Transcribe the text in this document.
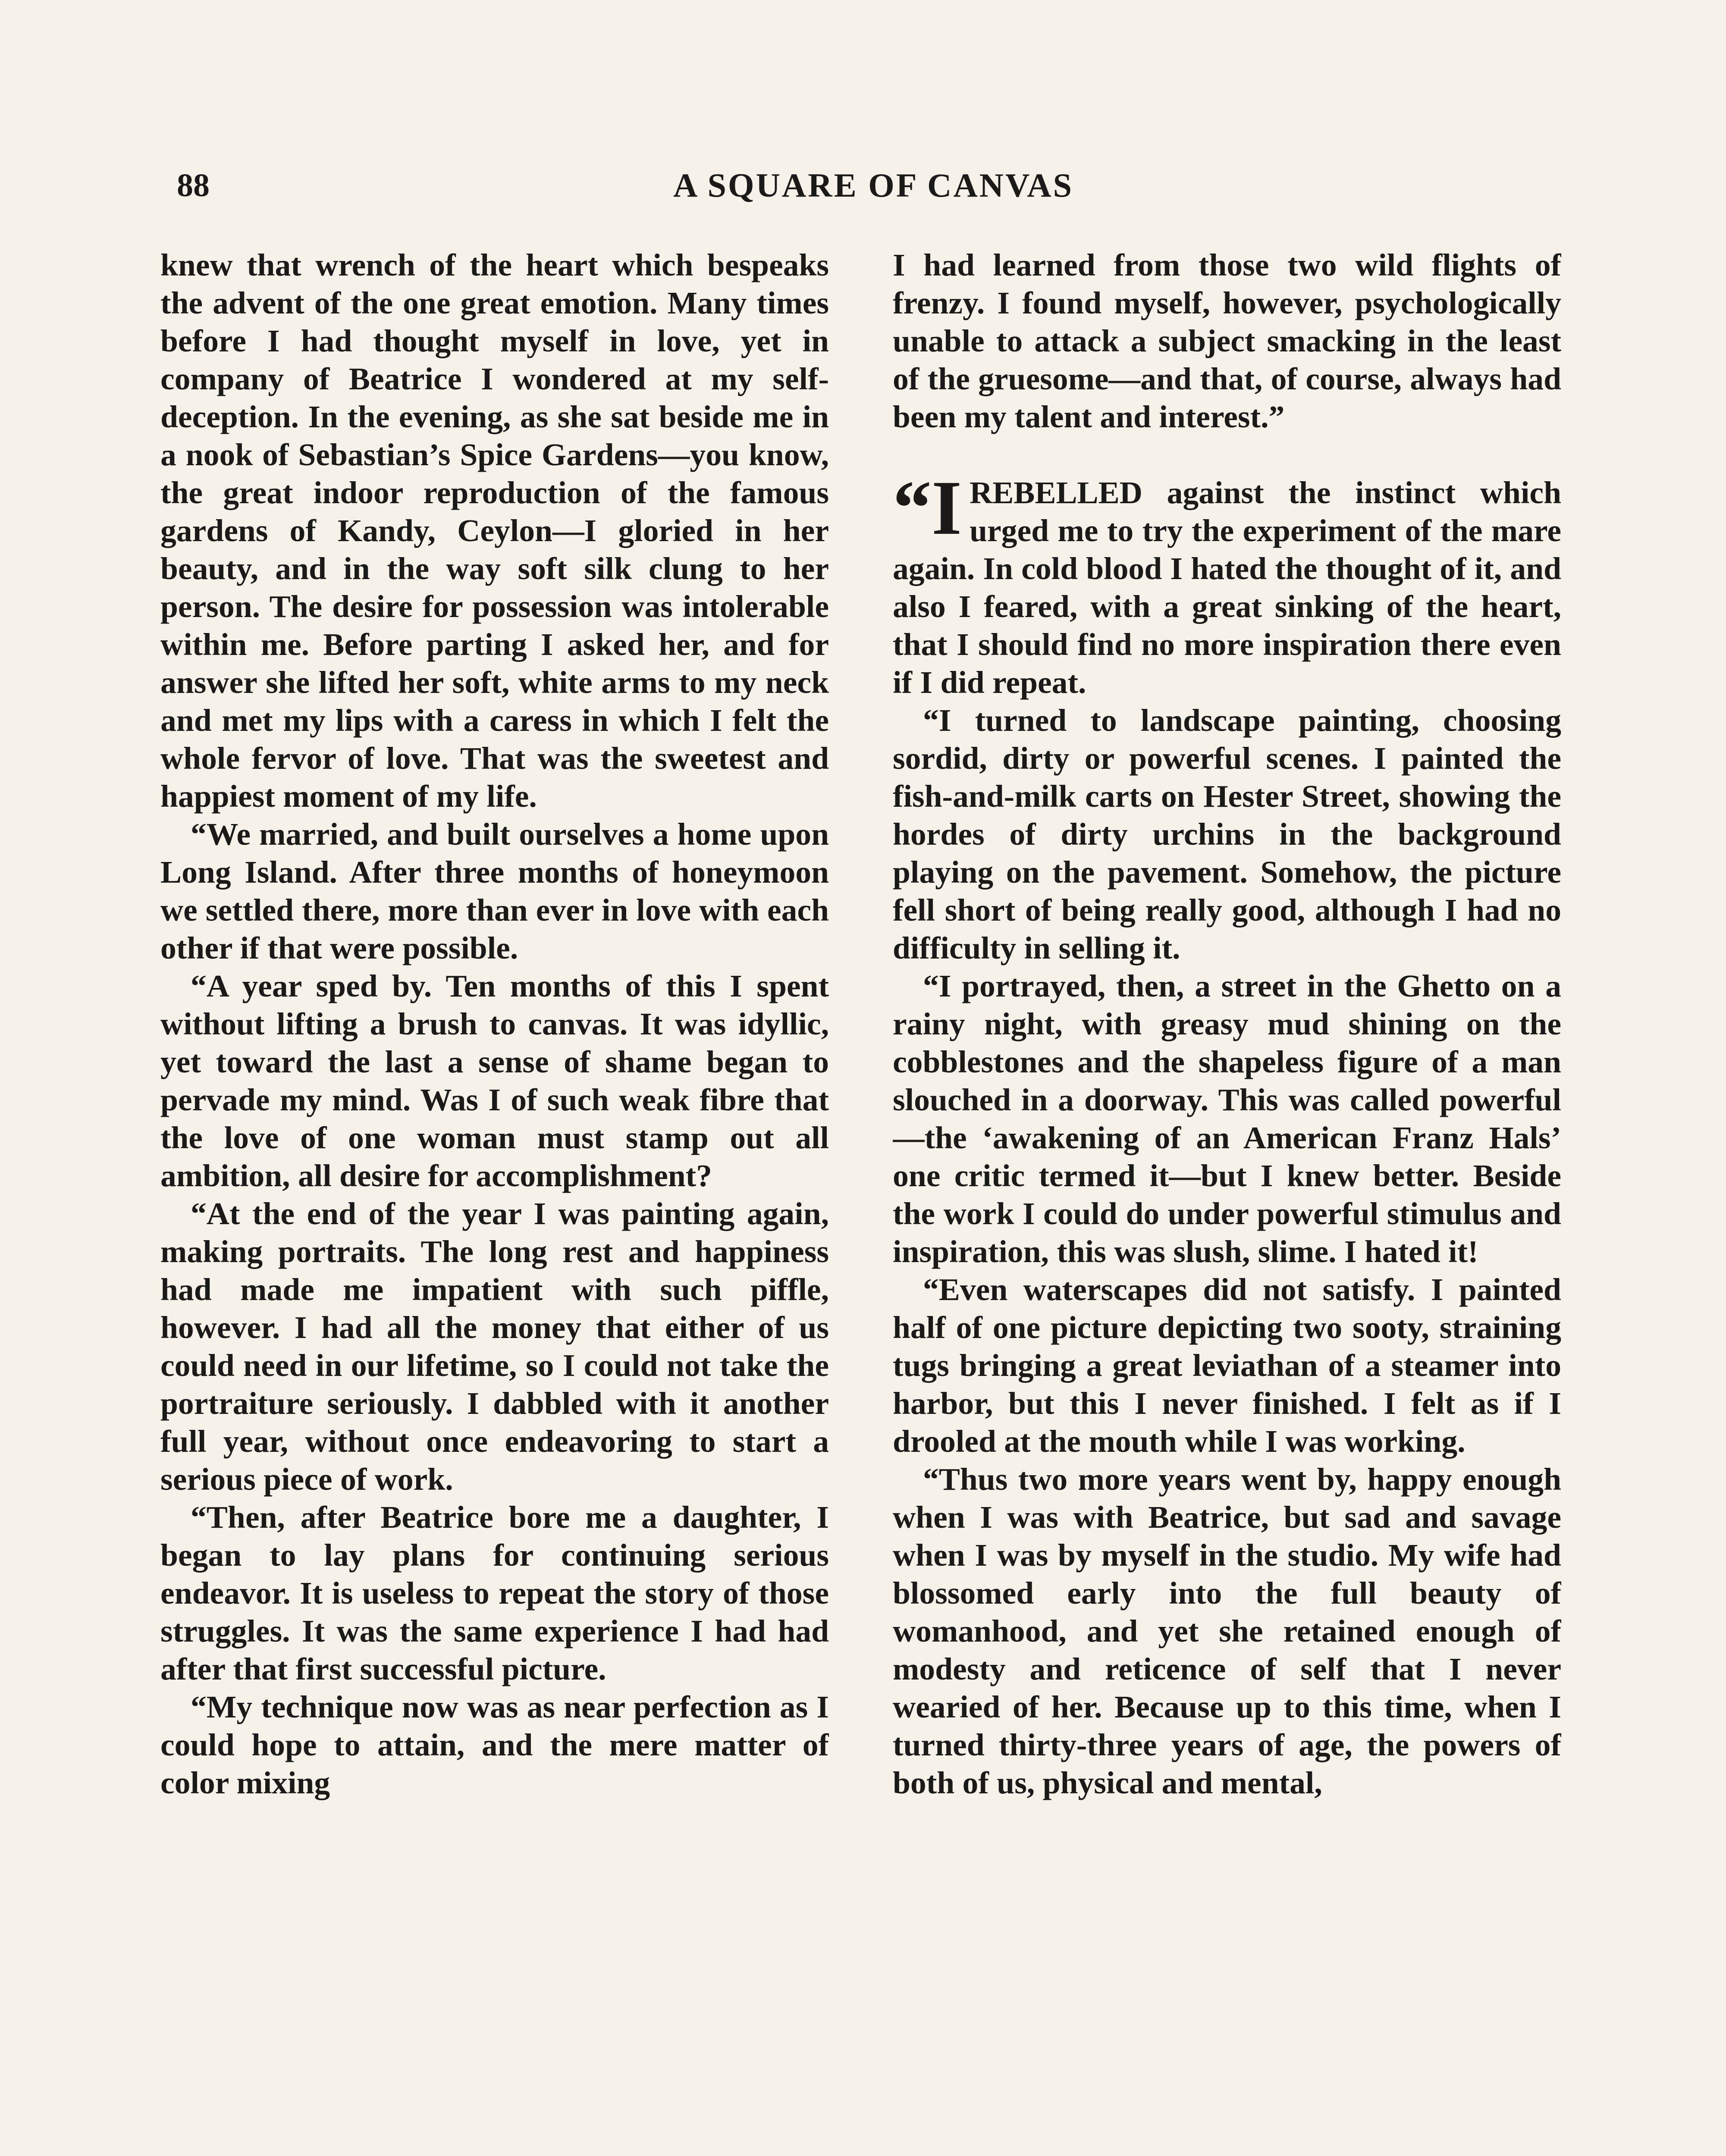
88	A SQUARE OF CANVAS

knew that wrench of the heart which bespeaks the advent of the one great emotion. Many times before I had thought myself in love, yet in company of Beatrice I wondered at my self-deception. In the evening, as she sat beside me in a nook of Sebastian’s Spice Gardens—you know, the great indoor reproduction of the famous gardens of Kandy, Ceylon—I gloried in her beauty, and in the way soft silk clung to her person. The desire for possession was intolerable within me. Before parting I asked her, and for answer she lifted her soft, white arms to my neck and met my lips with a caress in which I felt the whole fervor of love. That was the sweetest and happiest moment of my life.

“We married, and built ourselves a home upon Long Island. After three months of honeymoon we settled there, more than ever in love with each other if that were possible.

“A year sped by. Ten months of this I spent without lifting a brush to canvas. It was idyllic, yet toward the last a sense of shame began to pervade my mind. Was I of such weak fibre that the love of one woman must stamp out all ambition, all desire for accomplishment?

“At the end of the year I was painting again, making portraits. The long rest and happiness had made me impatient with such piffle, however. I had all the money that either of us could need in our lifetime, so I could not take the portraiture seriously. I dabbled with it another full year, without once endeavoring to start a serious piece of work.

“Then, after Beatrice bore me a daughter, I began to lay plans for continuing serious endeavor. It is useless to repeat the story of those struggles. It was the same experience I had had after that first successful picture.

“My technique now was as near perfection as I could hope to attain, and the mere matter of color mixing

I had learned from those two wild flights of frenzy. I found myself, however, psychologically unable to attack a subject smacking in the least of the gruesome—and that, of course, always had been my talent and interest.”

“IREBELLED against the instinct which urged me to try the experiment of the mare again. In cold blood I hated the thought of it, and also I feared, with a great sinking of the heart, that I should find no more inspiration there even if I did repeat.

“I turned to landscape painting, choosing sordid, dirty or powerful scenes. I painted the fish-and-milk carts on Hester Street, showing the hordes of dirty urchins in the background playing on the pavement. Somehow, the picture fell short of being really good, although I had no difficulty in selling it.

“I portrayed, then, a street in the Ghetto on a rainy night, with greasy mud shining on the cobblestones and the shapeless figure of a man slouched in a doorway. This was called powerful—the ‘awakening of an American Franz Hals’ one critic termed it—but I knew better. Beside the work I could do under powerful stimulus and inspiration, this was slush, slime. I hated it!

“Even waterscapes did not satisfy. I painted half of one picture depicting two sooty, straining tugs bringing a great leviathan of a steamer into harbor, but this I never finished. I felt as if I drooled at the mouth while I was working.

“Thus two more years went by, happy enough when I was with Beatrice, but sad and savage when I was by myself in the studio. My wife had blossomed early into the full beauty of womanhood, and yet she retained enough of modesty and reticence of self that I never wearied of her. Because up to this time, when I turned thirty-three years of age, the powers of both of us, physical and mental,
